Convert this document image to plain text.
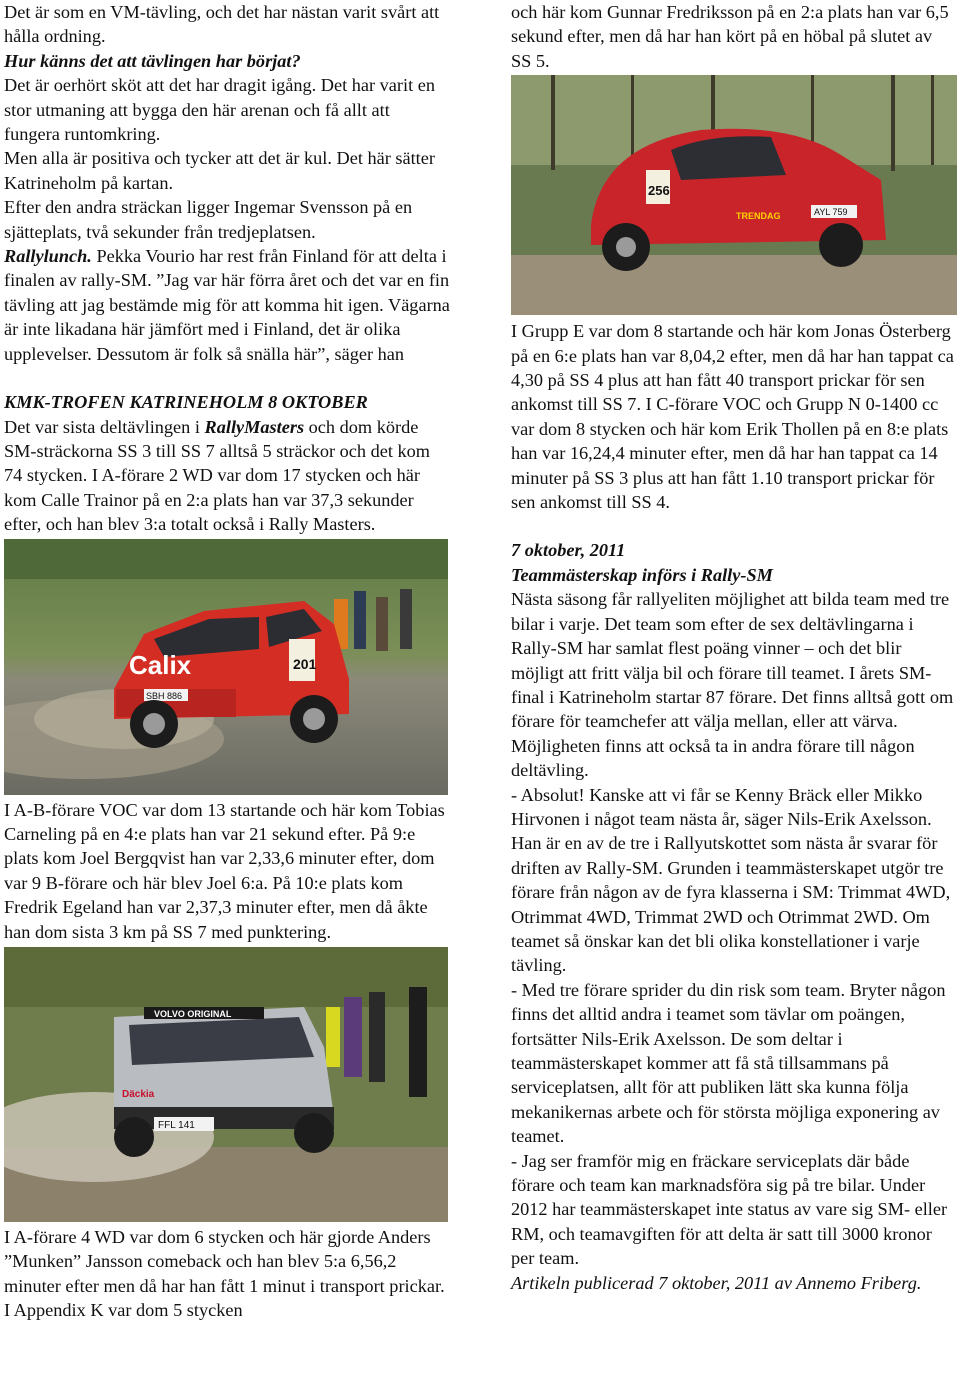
Det är som en VM-tävling, och det har nästan varit svårt att hålla ordning.

Hur känns det att tävlingen har börjat?

Det är oerhört sköt att det har dragit igång. Det har varit en stor utmaning att bygga den här arenan och få allt att fungera runtomkring.

Men alla är positiva och tycker att det är kul. Det här sätter Katrineholm på kartan.

Efter den andra sträckan ligger Ingemar Svensson på en sjätteplats, två sekunder från tredjeplatsen.

Rallylunch. Pekka Vourio har rest från Finland för att delta i finalen av rally-SM. ”Jag var här förra året och det var en fin tävling att jag bestämde mig för att komma hit igen. Vägarna är inte likadana här jämfört med i Finland, det är olika upplevelser. Dessutom är folk så snälla här”, säger han

KMK-TROFEN KATRINEHOLM 8 OKTOBER

Det var sista deltävlingen i RallyMasters och dom körde SM-sträckorna SS 3 till SS 7 alltså 5 sträckor och det kom 74 stycken. I A-förare 2 WD var dom 17 stycken och här kom Calle Trainor på en 2:a plats han var 37,3 sekunder efter, och han blev 3:a totalt också i Rally Masters.

Calix	201
SBH 886

I A-B-förare VOC var dom 13 startande och här kom Tobias Carneling på en 4:e plats han var 21 sekund efter. På 9:e plats kom Joel Bergqvist han var 2,33,6 minuter efter, dom var 9 B-förare och här blev Joel 6:a. På 10:e plats kom Fredrik Egeland han var 2,37,3 minuter efter, men då åkte han dom sista 3 km på SS 7 med punktering.

VOLVO ORIGINAL
FFL 141
Däckia

I A-förare 4 WD var dom 6 stycken och här gjorde Anders ”Munken” Jansson comeback och han blev 5:a 6,56,2 minuter efter men då har han fått 1 minut i transport prickar. I Appendix K var dom 5 stycken

och här kom Gunnar Fredriksson på en 2:a plats han var 6,5 sekund efter, men då har han kört på en höbal på slutet av SS 5.

256
TRENDAG	AYL 759

I Grupp E var dom 8 startande och här kom Jonas Österberg på en 6:e plats han var 8,04,2 efter, men då har han tappat ca 4,30 på SS 4 plus att han fått 40 transport prickar för sen ankomst till SS 7. I C-förare VOC och Grupp N 0-1400 cc var dom 8 stycken och här kom Erik Thollen på en 8:e plats han var 16,24,4 minuter efter, men då har han tappat ca 14 minuter på SS 3 plus att han fått 1.10 transport prickar för sen ankomst till SS 4.

7 oktober, 2011

Teammästerskap införs i Rally-SM

Nästa säsong får rallyeliten möjlighet att bilda team med tre bilar i varje. Det team som efter de sex deltävlingarna i Rally-SM har samlat flest poäng vinner – och det blir möjligt att fritt välja bil och förare till teamet. I årets SM-final i Katrineholm startar 87 förare. Det finns alltså gott om förare för teamchefer att välja mellan, eller att värva. Möjligheten finns att också ta in andra förare till någon deltävling.

- Absolut! Kanske att vi får se Kenny Bräck eller Mikko Hirvonen i något team nästa år, säger Nils-Erik Axelsson. Han är en av de tre i Rallyutskottet som nästa år svarar för driften av Rally-SM. Grunden i teammästerskapet utgör tre förare från någon av de fyra klasserna i SM: Trimmat 4WD, Otrimmat 4WD, Trimmat 2WD och Otrimmat 2WD. Om teamet så önskar kan det bli olika konstellationer i varje tävling.

- Med tre förare sprider du din risk som team. Bryter någon finns det alltid andra i teamet som tävlar om poängen, fortsätter Nils-Erik Axelsson. De som deltar i teammästerskapet kommer att få stå tillsammans på serviceplatsen, allt för att publiken lätt ska kunna följa mekanikernas arbete och för största möjliga exponering av teamet.

- Jag ser framför mig en fräckare serviceplats där både förare och team kan marknadsföra sig på tre bilar. Under 2012 har teammästerskapet inte status av vare sig SM- eller RM, och teamavgiften för att delta är satt till 3000 kronor per team.

Artikeln publicerad 7 oktober, 2011 av Annemo Friberg.
